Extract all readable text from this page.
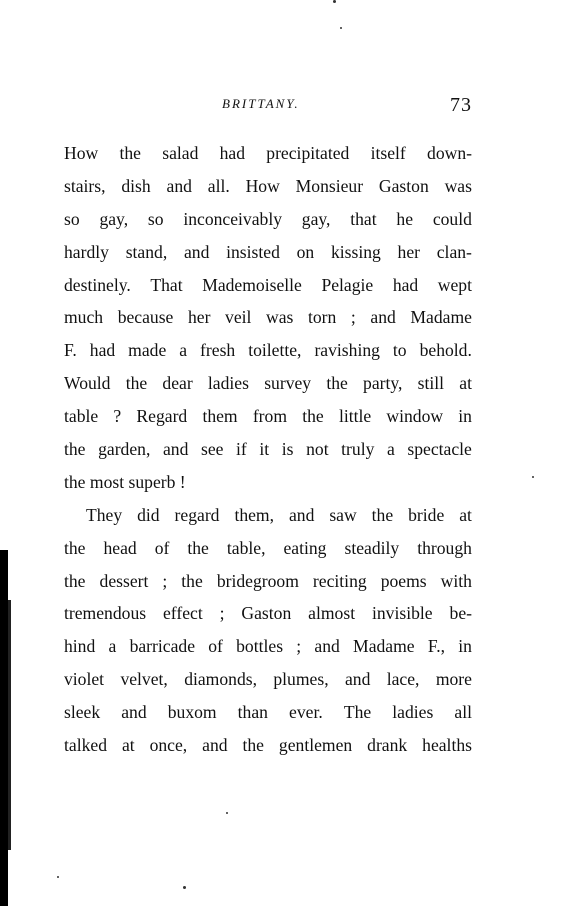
BRITTANY.	73
How the salad had precipitated itself down-
stairs, dish and all. How Monsieur Gaston was
so gay, so inconceivably gay, that he could
hardly stand, and insisted on kissing her clan-
destinely. That Mademoiselle Pelagie had wept
much because her veil was torn ; and Madame
F. had made a fresh toilette, ravishing to behold.
Would the dear ladies survey the party, still at
table ? Regard them from the little window in
the garden, and see if it is not truly a spectacle
the most superb !
They did regard them, and saw the bride at
the head of the table, eating steadily through
the dessert ; the bridegroom reciting poems with
tremendous effect ; Gaston almost invisible be-
hind a barricade of bottles ; and Madame F., in
violet velvet, diamonds, plumes, and lace, more
sleek and buxom than ever. The ladies all
talked at once, and the gentlemen drank healths
